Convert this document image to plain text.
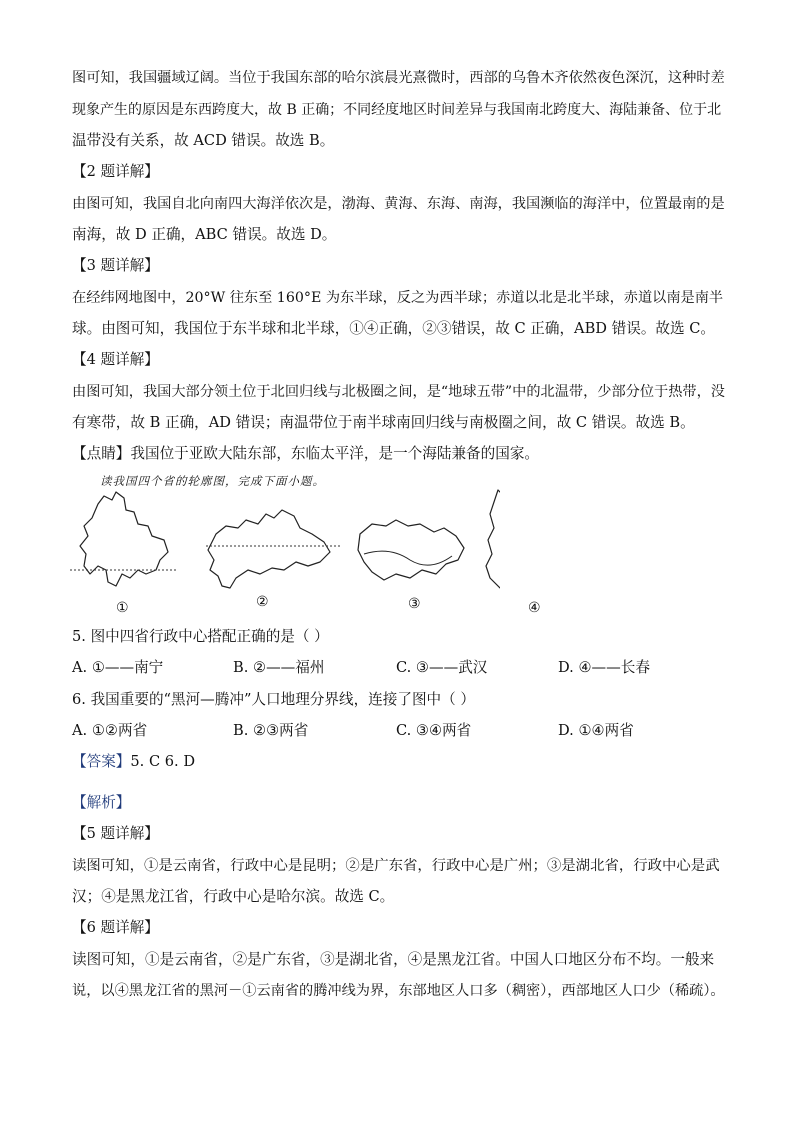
图可知，我国疆域辽阔。当位于我国东部的哈尔滨晨光熹微时，西部的乌鲁木齐依然夜色深沉，这种时差
现象产生的原因是东西跨度大，故 B 正确；不同经度地区时间差异与我国南北跨度大、海陆兼备、位于北
温带没有关系，故 ACD 错误。故选 B。
【2 题详解】
由图可知，我国自北向南四大海洋依次是，渤海、黄海、东海、南海，我国濒临的海洋中，位置最南的是
南海，故 D 正确，ABC 错误。故选 D。
【3 题详解】
在经纬网地图中，20°W 往东至 160°E 为东半球，反之为西半球；赤道以北是北半球，赤道以南是南半
球。由图可知，我国位于东半球和北半球，①④正确，②③错误，故 C 正确，ABD 错误。故选 C。
【4 题详解】
由图可知，我国大部分领土位于北回归线与北极圈之间，是“地球五带”中的北温带，少部分位于热带，没
有寒带，故 B 正确，AD 错误；南温带位于南半球南回归线与南极圈之间，故 C 错误。故选 B。
【点睛】我国位于亚欧大陆东部，东临太平洋，是一个海陆兼备的国家。
读我国四个省的轮廓图，完成下面小题。
①	②	③	④
5. 图中四省行政中心搭配正确的是（ ）
A. ①——南宁	B. ②——福州	C. ③——武汉	D. ④——长春
6. 我国重要的“黑河—腾冲”人口地理分界线，连接了图中（ ）
A. ①②两省	B. ②③两省	C. ③④两省	D. ①④两省
【答案】5. C 6. D
【解析】
【5 题详解】
读图可知，①是云南省，行政中心是昆明；②是广东省，行政中心是广州；③是湖北省，行政中心是武
汉；④是黑龙江省，行政中心是哈尔滨。故选 C。
【6 题详解】
读图可知，①是云南省，②是广东省，③是湖北省，④是黑龙江省。中国人口地区分布不均。一般来
说，以④黑龙江省的黑河－①云南省的腾冲线为界，东部地区人口多（稠密），西部地区人口少（稀疏）。
